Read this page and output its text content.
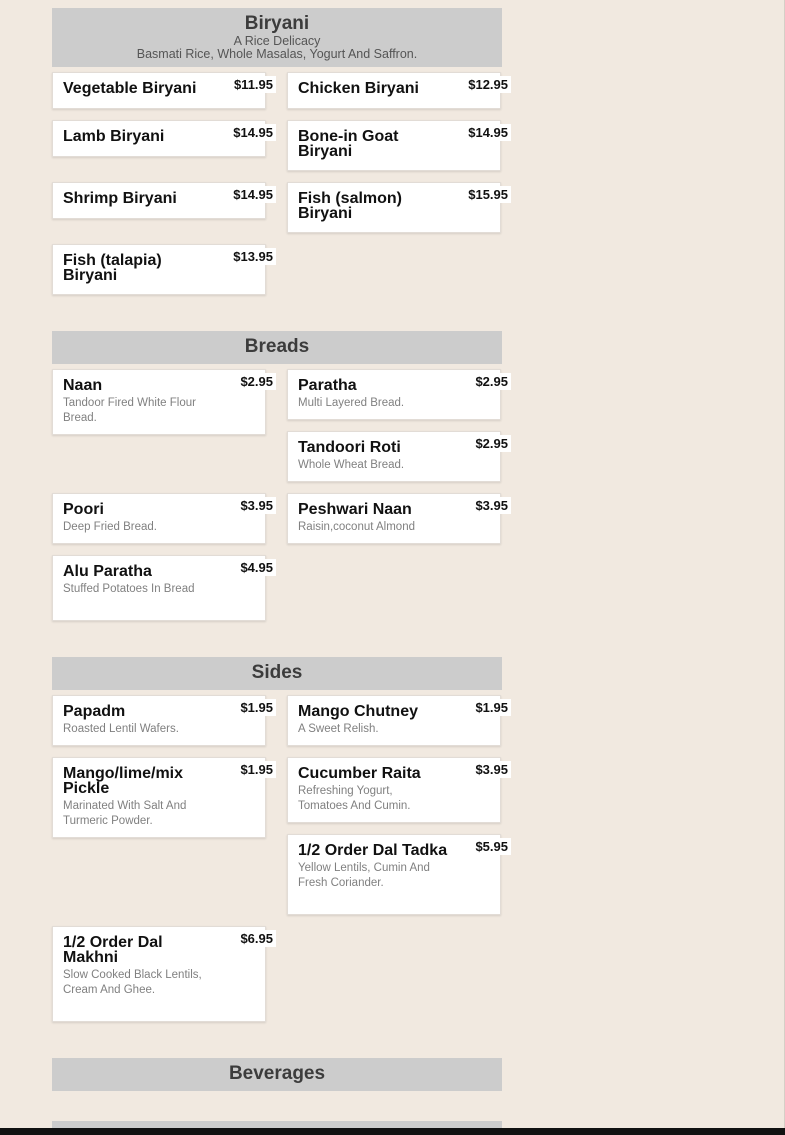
Biryani
A Rice Delicacy
Basmati Rice, Whole Masalas, Yogurt And Saffron.
Vegetable Biryani	$11.95 Chicken Biryani	$12.95
Lamb Biryani	$14.95 Bone-in Goat Biryani
$14.95
Shrimp Biryani	$14.95 Fish (salmon) Biryani
$15.95
Fish (talapia) Biryani
$13.95
Breads
Naan
Tandoor Fired White Flour Bread.
$2.95 Paratha
Multi Layered Bread.
$2.95
Tandoori Roti
Whole Wheat Bread.
$2.95
Poori
Deep Fried Bread.
$3.95 Peshwari Naan
Raisin,coconut Almond
$3.95
Alu Paratha
Stuffed Potatoes In Bread
$4.95
Sides
Papadm
Roasted Lentil Wafers.
$1.95 Mango Chutney
A Sweet Relish.
$1.95
Mango/lime/mix Pickle
Marinated With Salt And Turmeric Powder.
$1.95 Cucumber Raita
Refreshing Yogurt, Tomatoes And Cumin.
$3.95
1/2 Order Dal Tadka
Yellow Lentils, Cumin And Fresh Coriander.
$5.95
1/2 Order Dal Makhni
Slow Cooked Black Lentils, Cream And Ghee.
$6.95
Beverages
